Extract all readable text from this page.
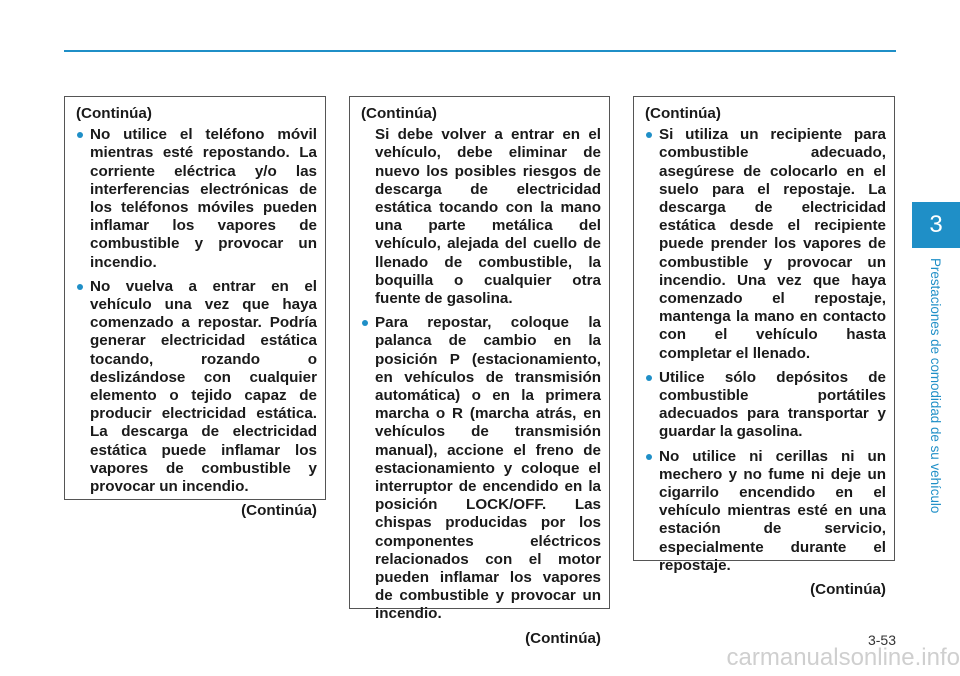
(Continúa)

No utilice el teléfono móvil mientras esté repostando. La corriente eléctrica y/o las interferencias electrónicas de los teléfonos móviles pueden inflamar los vapores de combustible y provocar un incendio.
No vuelva a entrar en el vehículo una vez que haya comenzado a repostar. Podría generar electricidad estática tocando, rozando o deslizándose con cualquier elemento o tejido capaz de producir electricidad estática. La descarga de electricidad estática puede inflamar los vapores de combustible y provocar un incendio.

(Continúa)

(Continúa)

Si debe volver a entrar en el vehículo, debe eliminar de nuevo los posibles riesgos de descarga de electricidad estática tocando con la mano una parte metálica del vehículo, alejada del cuello de llenado de combustible, la boquilla o cualquier otra fuente de gasolina.

Para repostar, coloque la palanca de cambio en la posición P (estacionamiento, en vehículos de transmisión automática) o en la primera marcha o R (marcha atrás, en vehículos de transmisión manual), accione el freno de estacionamiento y coloque el interruptor de encendido en la posición LOCK/OFF. Las chispas producidas por los componentes eléctricos relacionados con el motor pueden inflamar los vapores de combustible y provocar un incendio.

(Continúa)

(Continúa)

Si utiliza un recipiente para combustible adecuado, asegúrese de colocarlo en el suelo para el repostaje. La descarga de electricidad estática desde el recipiente puede prender los vapores de combustible y provocar un incendio. Una vez que haya comenzado el repostaje, mantenga la mano en contacto con el vehículo hasta completar el llenado.
Utilice sólo depósitos de combustible portátiles adecuados para transportar y guardar la gasolina.
No utilice ni cerillas ni un mechero y no fume ni deje un cigarrilo encendido en el vehículo mientras esté en una estación de servicio, especialmente durante el repostaje.

(Continúa)

3
Prestaciones de comodidad de su vehículo
3-53
carmanualsonline.info
